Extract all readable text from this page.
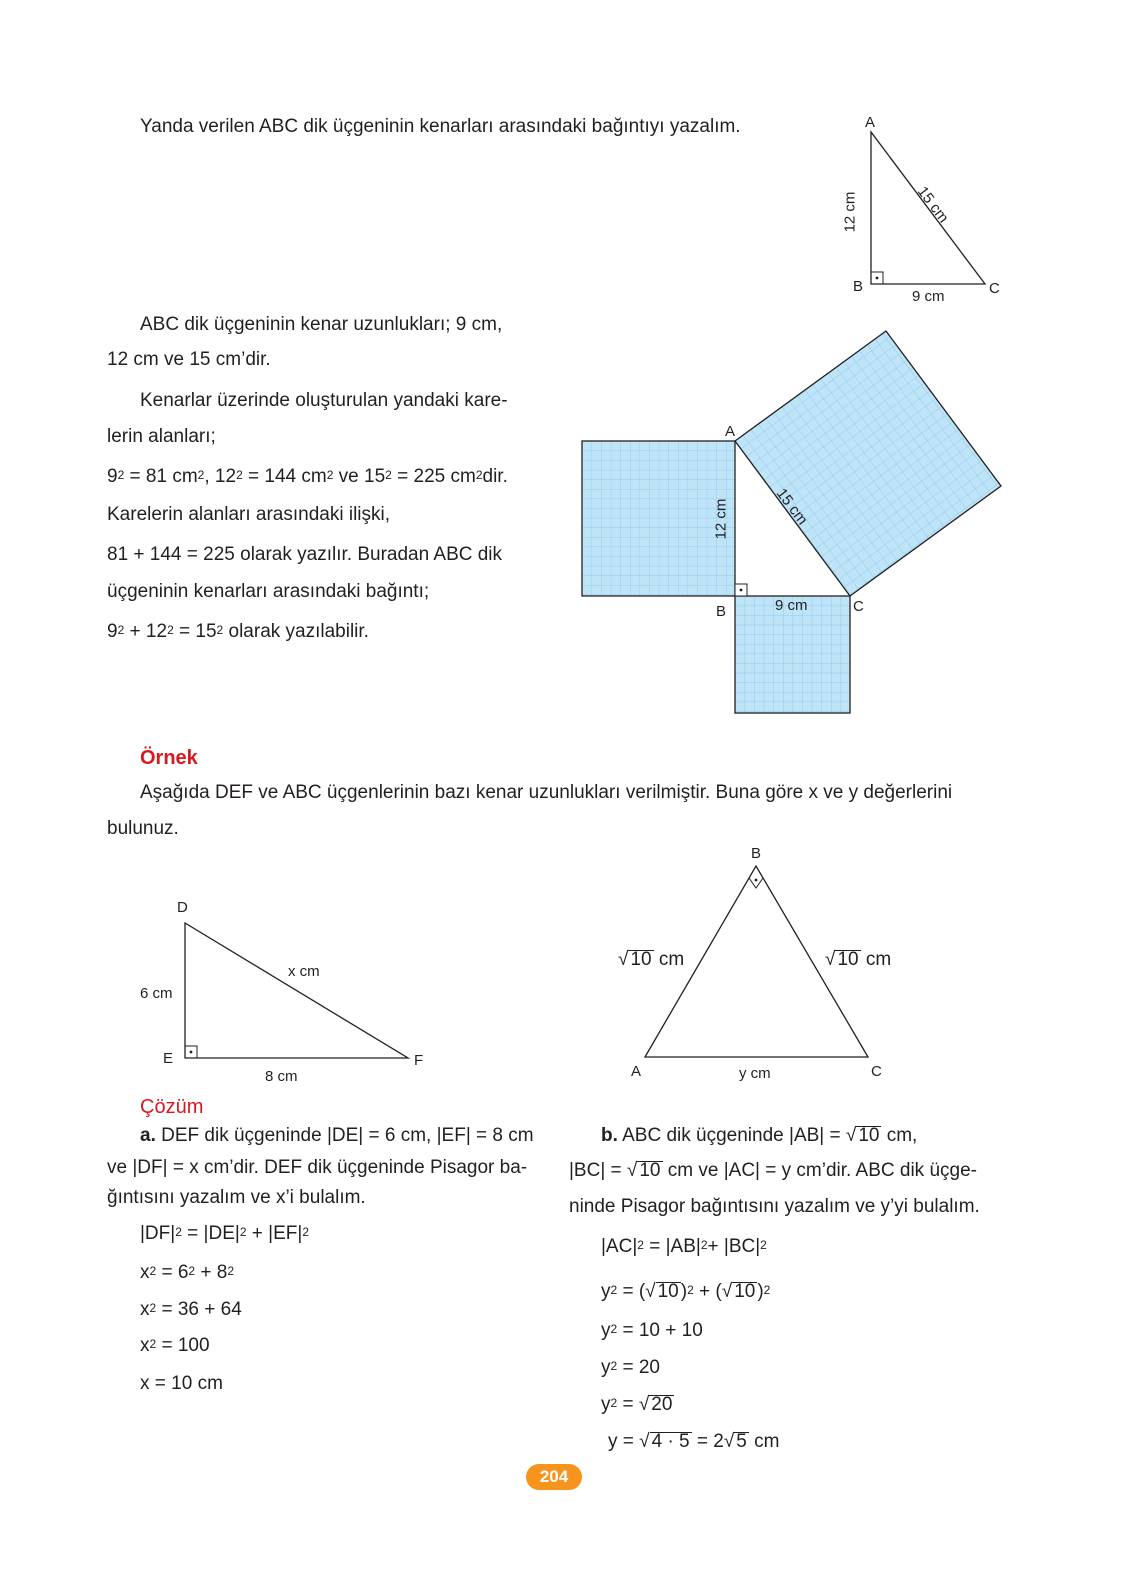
Yanda verilen ABC dik üçgeninin kenarları arasındaki bağıntıyı yazalım.	A
B	C
9 cm
12 cm	15 cm
ABC dik üçgeninin kenar uzunlukları; 9 cm,
12 cm ve 15 cm’dir.
Kenarlar üzerinde oluşturulan yandaki kare-
lerin alanları;
$9^2 = 81$ $cm^2$, $12^2 = 144$ $cm^2$ ve $15^2 = 225$ $cm^2dir$.
Karelerin alanları arasındaki ilişki,
81 + 144 = 225 olarak yazılır. Buradan ABC dik
üçgeninin kenarları arasındaki bağıntı;
$9^2 + 12^2 = 15^2$ olarak yazılabilir.
A
B	C
9 cm
12 cm	15 cm
Örnek
Aşağıda DEF ve ABC üçgenlerinin bazı kenar uzunlukları verilmiştir. Buna göre x ve y değerlerini
bulunuz.
D
E	F
6 cm
8 cm
x cm
B
A	C
y cm
√ 10 cm	√ 10 cm
Çözüm
a. DEF dik üçgeninde |DE| = 6 cm, |EF| = 8 cm
ve |DF| = x cm’dir. DEF dik üçgeninde Pisagor ba-
ğıntısını yazalım ve x’i bulalım.
$|DF|^2 = |DE|^2 + |EF|^2$
$x^2 = 6^2 + 8^2$
$x^2 = 36 + 64$
$x^2 = 100$
x = 10 cm
b. ABC dik üçgeninde |AB| = √ 10 cm,
|BC| = √ 10 cm ve |AC| = y cm’dir. ABC dik üçge-
ninde Pisagor bağıntısını yazalım ve y’yi bulalım.
$|AC|^2 = |AB|^2+ |BC|^2$
$y^2$ = (√ 10 )$^2$ + (√ 10 )$^2$
$y^2 = 10 + 10$
$y^2 = 20$
$y^2$ = √ 20
y = √ 4 · 5 = 2√ 5 cm
204
